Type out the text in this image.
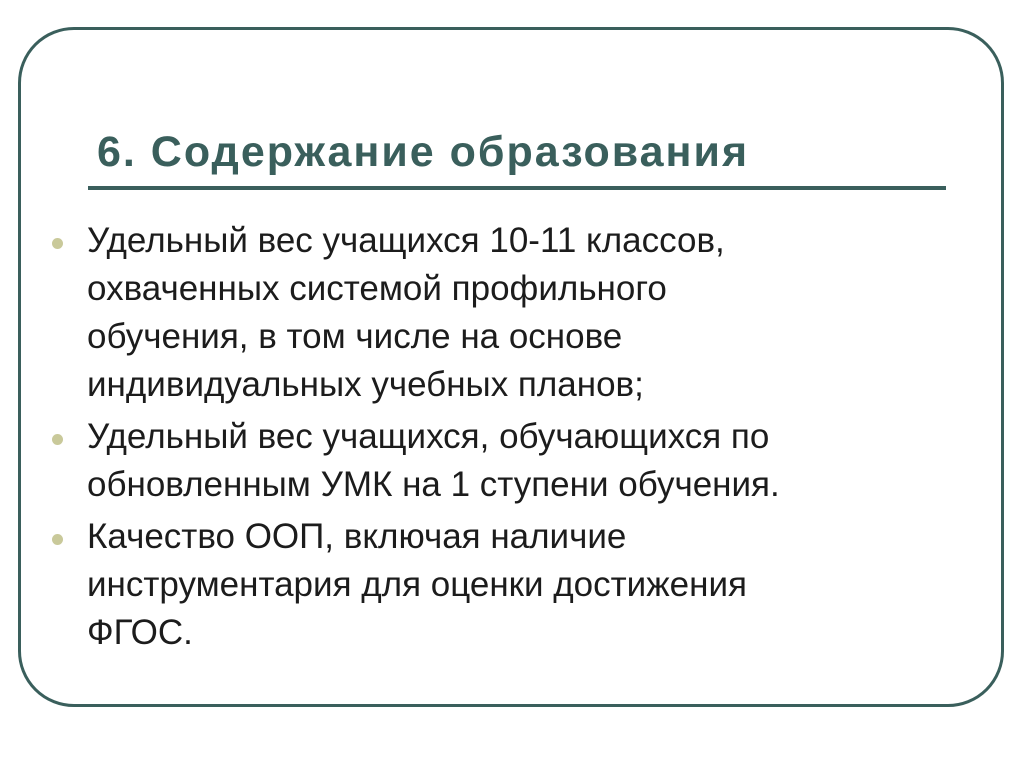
6. Содержание образования
Удельный вес учащихся 10-11 классов,
охваченных системой профильного
обучения, в том числе на основе
индивидуальных учебных планов;
Удельный вес учащихся, обучающихся по
обновленным УМК на 1 ступени обучения.
Качество ООП, включая наличие
инструментария для оценки достижения
ФГОС.
